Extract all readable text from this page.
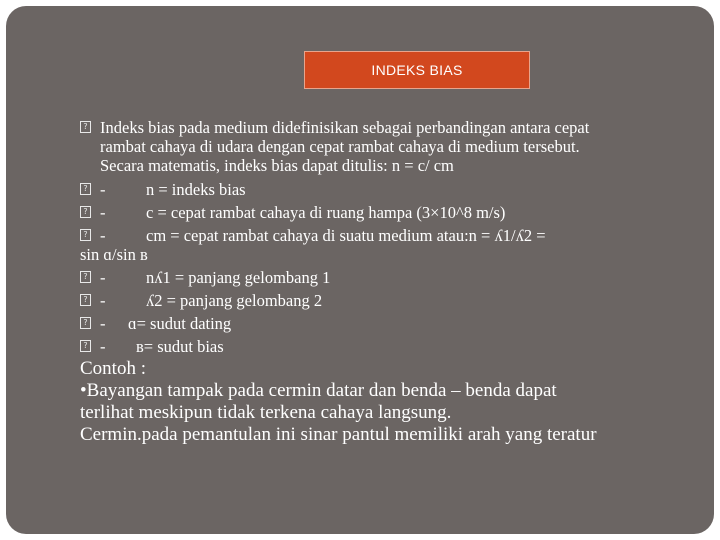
INDEKS BIAS
? Indeks bias pada medium didefinisikan sebagai perbandingan antara cepat
rambat cahaya di udara dengan cepat rambat cahaya di medium tersebut.
Secara matematis, indeks bias dapat ditulis: n = c/ cm
? - n = indeks bias
? - c = cepat rambat cahaya di ruang hampa (3×10^8 m/s)
? - cm = cepat rambat cahaya di suatu medium atau:n = ʎ1/ʎ2 =
sin ɑ/sin ʙ
? - nʎ1 = panjang gelombang 1
? - ʎ2 = panjang gelombang 2
? - ɑ= sudut dating
? - ʙ= sudut bias
Contoh :
•Bayangan tampak pada cermin datar dan benda – benda dapat
terlihat meskipun tidak terkena cahaya langsung.
Cermin.pada pemantulan ini sinar pantul memiliki arah yang teratur
